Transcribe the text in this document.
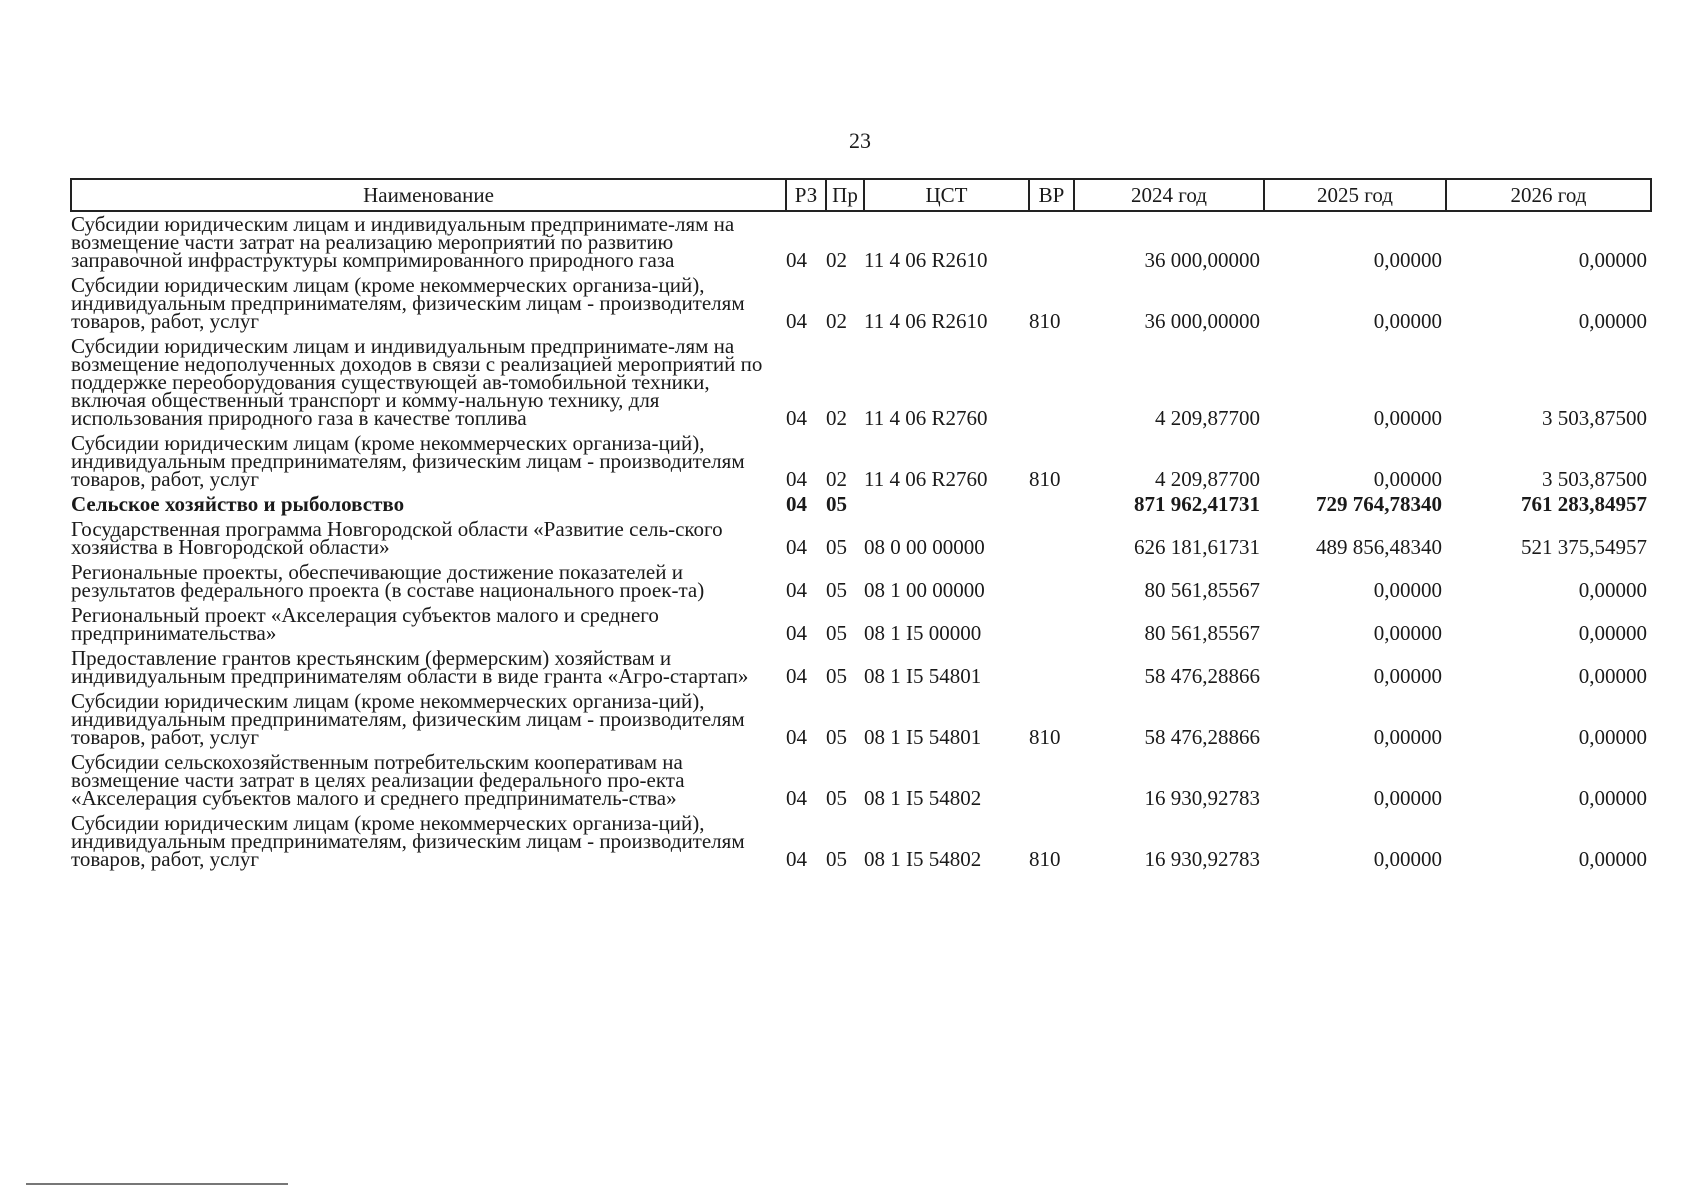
23
Наименование	РЗ	Пр	ЦСТ	ВР	2024 год	2025 год	2026 год
Субсидии юридическим лицам и индивидуальным предпринимате-лям на возмещение части затрат на реализацию мероприятий по развитию заправочной инфраструктуры компримированного природного газа	04	02	11 4 06 R2610		36 000,00000	0,00000	0,00000
Субсидии юридическим лицам (кроме некоммерческих организа-ций), индивидуальным предпринимателям, физическим лицам - производителям товаров, работ, услуг	04	02	11 4 06 R2610	810	36 000,00000	0,00000	0,00000
Субсидии юридическим лицам и индивидуальным предпринимате-лям на возмещение недополученных доходов в связи с реализацией мероприятий по поддержке переоборудования существующей ав-томобильной техники, включая общественный транспорт и комму-нальную технику, для использования природного газа в качестве топлива	04	02	11 4 06 R2760		4 209,87700	0,00000	3 503,87500
Субсидии юридическим лицам (кроме некоммерческих организа-ций), индивидуальным предпринимателям, физическим лицам - производителям товаров, работ, услуг	04	02	11 4 06 R2760	810	4 209,87700	0,00000	3 503,87500
Сельское хозяйство и рыболовство	04	05			871 962,41731	729 764,78340	761 283,84957
Государственная программа Новгородской области «Развитие сель-ского хозяйства в Новгородской области»	04	05	08 0 00 00000		626 181,61731	489 856,48340	521 375,54957
Региональные проекты, обеспечивающие достижение показателей и результатов федерального проекта (в составе национального проек-та)	04	05	08 1 00 00000		80 561,85567	0,00000	0,00000
Региональный проект «Акселерация субъектов малого и среднего предпринимательства»	04	05	08 1 I5 00000		80 561,85567	0,00000	0,00000
Предоставление грантов крестьянским (фермерским) хозяйствам и индивидуальным предпринимателям области в виде гранта «Агро-стартап»	04	05	08 1 I5 54801		58 476,28866	0,00000	0,00000
Субсидии юридическим лицам (кроме некоммерческих организа-ций), индивидуальным предпринимателям, физическим лицам - производителям товаров, работ, услуг	04	05	08 1 I5 54801	810	58 476,28866	0,00000	0,00000
Субсидии сельскохозяйственным потребительским кооперативам на возмещение части затрат в целях реализации федерального про-екта «Акселерация субъектов малого и среднего предприниматель-ства»	04	05	08 1 I5 54802		16 930,92783	0,00000	0,00000
Субсидии юридическим лицам (кроме некоммерческих организа-ций), индивидуальным предпринимателям, физическим лицам - производителям товаров, работ, услуг	04	05	08 1 I5 54802	810	16 930,92783	0,00000	0,00000
